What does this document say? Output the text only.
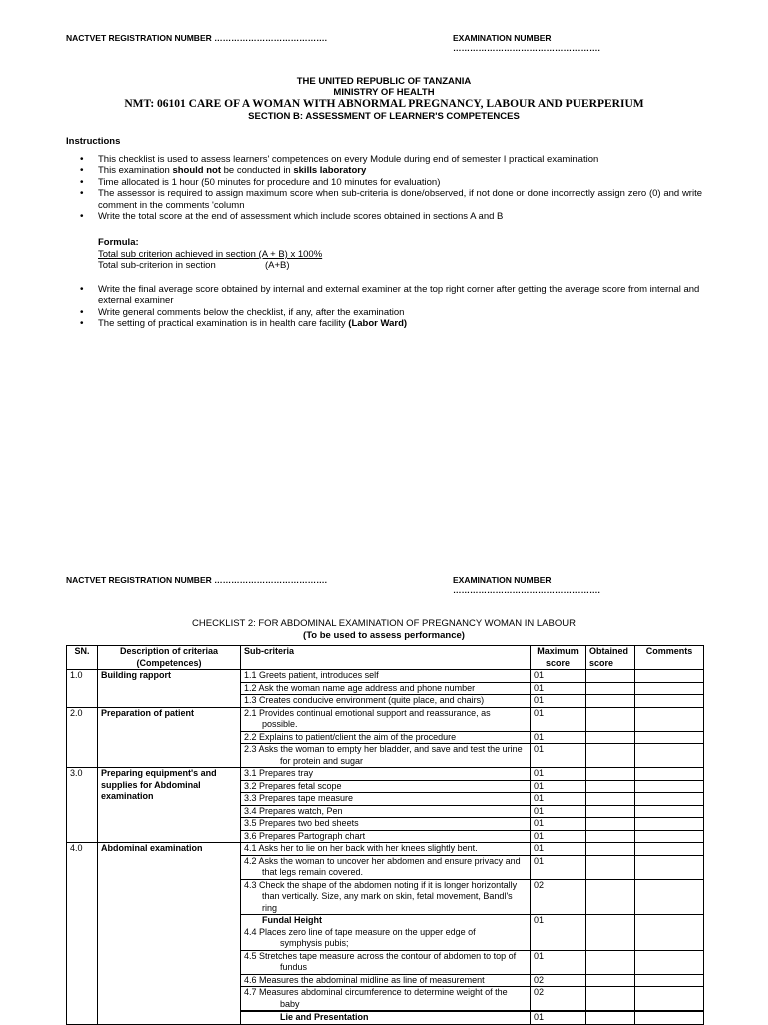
NACTVET REGISTRATION NUMBER ………………………………….	EXAMINATION NUMBER …………………………………………….
THE UNITED REPUBLIC OF TANZANIA
MINISTRY OF HEALTH
NMT: 06101 CARE OF A WOMAN WITH ABNORMAL PREGNANCY, LABOUR AND PUERPERIUM
SECTION B: ASSESSMENT OF LEARNER'S COMPETENCES
Instructions
• This checklist is used to assess learners' competences on every Module during end of semester I practical examination
• This examination should not be conducted in skills laboratory
• Time allocated is 1 hour (50 minutes for procedure and 10 minutes for evaluation)
• The assessor is required to assign maximum score when sub-criteria is done/observed, if not done or done incorrectly assign zero (0) and write comment in the comments 'column
• Write the total score at the end of assessment which include scores obtained in sections A and B
Formula:
Total sub criterion achieved in section (A + B) x 100%
Total sub-criterion in section	(A+B)
• Write the final average score obtained by internal and external examiner at the top right corner after getting the average score from internal and external examiner
• Write general comments below the checklist, if any, after the examination
• The setting of practical examination is in health care facility (Labor Ward)
NACTVET REGISTRATION NUMBER ………………………………….	EXAMINATION NUMBER …………………………………………….
CHECKLIST 2: FOR ABDOMINAL EXAMINATION OF PREGNANCY WOMAN IN LABOUR
(To be used to assess performance)
SN.	Description of criteriaa (Competences)	Sub-criteria	Maximum score	Obtained score	Comments
1.0	Building rapport	1.1 Greets patient, introduces self	01		
		1.2 Ask the woman name age address and phone number	01		
		1.3 Creates conducive environment (quite place, and chairs)	01		
2.0	Preparation of patient	2.1 Provides continual emotional support and reassurance, as
possible.	01		
		2.2 Explains to patient/client the aim of the procedure	01		
		2.3 Asks the woman to empty her bladder, and save and test the urine
for protein and sugar	01		
3.0	Preparing equipment's and supplies for Abdominal examination	3.1 Prepares tray	01		
		3.2 Prepares fetal scope	01		
		3.3 Prepares tape measure	01		
		3.4 Prepares watch, Pen	01		
		3.5 Prepares two bed sheets	01		
		3.6 Prepares Partograph chart	01		
4.0	Abdominal examination	4.1 Asks her to lie on her back with her knees slightly bent.	01		
		4.2 Asks the woman to uncover her abdomen and ensure privacy and
that legs remain covered.	01		
		4.3 Check the shape of the abdomen noting if it is longer horizontally
than vertically. Size, any mark on skin, fetal movement, Bandl's
ring	02		
		Fundal Height
4.4 Places zero line of tape measure on the upper edge of
symphysis pubis;	01		
		4.5 Stretches tape measure across the contour of abdomen to top of
fundus	01		
		4.6 Measures the abdominal midline as line of measurement	02		
		4.7 Measures abdominal circumference to determine weight of the
baby	02		
		Lie and Presentation	01		
